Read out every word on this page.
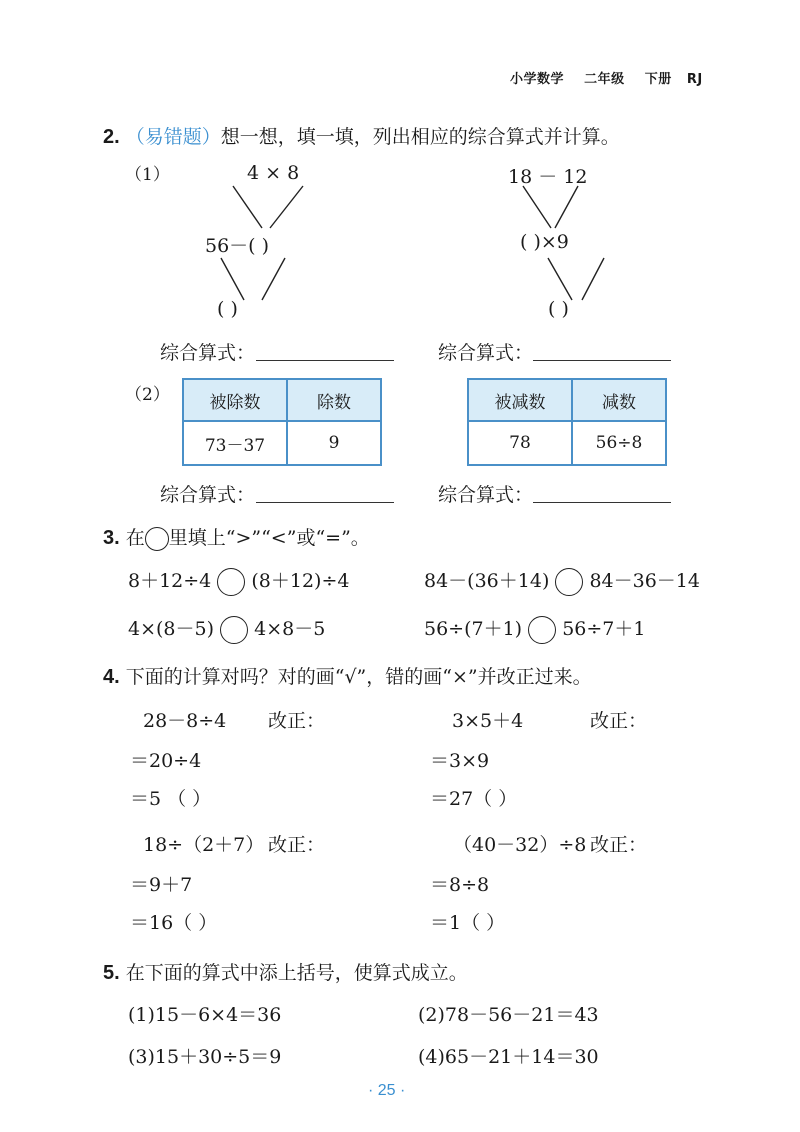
小学数学 二年级 下册 RJ
2. （易错题）想一想，填一填，列出相应的综合算式并计算。
（1）	4 × 8
56－( )
( )
18 － 12
( )×9
( )
综合算式：	综合算式：
（2） 被除数	除数
73－37	9
被减数	减数
78	56÷8
综合算式：	综合算式：
3. 在 里填上“>”“<”或“=”。
8＋12÷4 (8＋12)÷4	84－(36＋14) 84－36－14
4×(8－5) 4×8－5	56÷(7＋1) 56÷7＋1
4. 下面的计算对吗？对的画“√”，错的画“×”并改正过来。
28－8÷4 改正：
＝20÷4
＝5 （ ）
3×5＋4	改正：
＝3×9
＝27（ ）
18÷（2＋7） 改正：
＝9＋7
＝16（ ）
（40－32）÷8 改正：
＝8÷8
＝1（ ）
5. 在下面的算式中添上括号，使算式成立。
(1)15－6×4＝36	(2)78－56－21＝43
(3)15＋30÷5＝9	(4)65－21＋14＝30
· 25 ·
